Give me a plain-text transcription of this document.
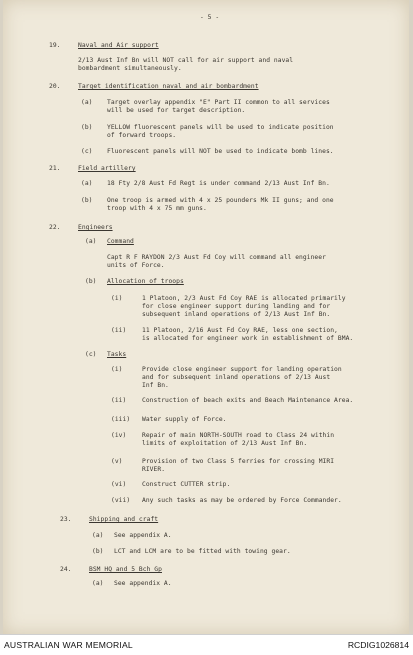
- 5 -
19.	Naval and Air support
2/13 Aust Inf Bn will NOT call for air support and naval
bombardment simultaneously.
20.	Target identification naval and air bombardment
(a) Target overlay appendix "E" Part II common to all services
will be used for target description.
(b) YELLOW fluorescent panels will be used to indicate position
of forward troops.
(c) Fluorescent panels will NOT be used to indicate bomb lines.
21.	Field artillery
(a) 18 Fty 2/8 Aust Fd Regt is under command 2/13 Aust Inf Bn.
(b) One troop is armed with 4 x 25 pounders Mk II guns; and one
troop with 4 x 75 mm guns.
22.	Engineers
(a) Command
Capt R F RAYDON 2/3 Aust Fd Coy will command all engineer
units of Force.
(b) Allocation of troops
(i)	1 Platoon, 2/3 Aust Fd Coy RAE is allocated primarily
for close engineer support during landing and for
subsequent inland operations of 2/13 Aust Inf Bn.
(ii) 11 Platoon, 2/16 Aust Fd Coy RAE, less one section,
is allocated for engineer work in establishment of BMA.
(c) Tasks
(i)	Provide close engineer support for landing operation
and for subsequent inland operations of 2/13 Aust
Inf Bn.
(ii) Construction of beach exits and Beach Maintenance Area.
(iii) Water supply of Force.
(iv) Repair of main NORTH-SOUTH road to Class 24 within
limits of exploitation of 2/13 Aust Inf Bn.
(v)	Provision of two Class 5 ferries for crossing MIRI
RIVER.
(vi) Construct CUTTER strip.
(vii) Any such tasks as may be ordered by Force Commander.
23.	Shipping and craft
(a) See appendix A.
(b) LCT and LCM are to be fitted with towing gear.
24.	BSM HQ and 5 Bch Gp
(a) See appendix A.
AUSTRALIAN WAR MEMORIAL	RCDIG1026814
